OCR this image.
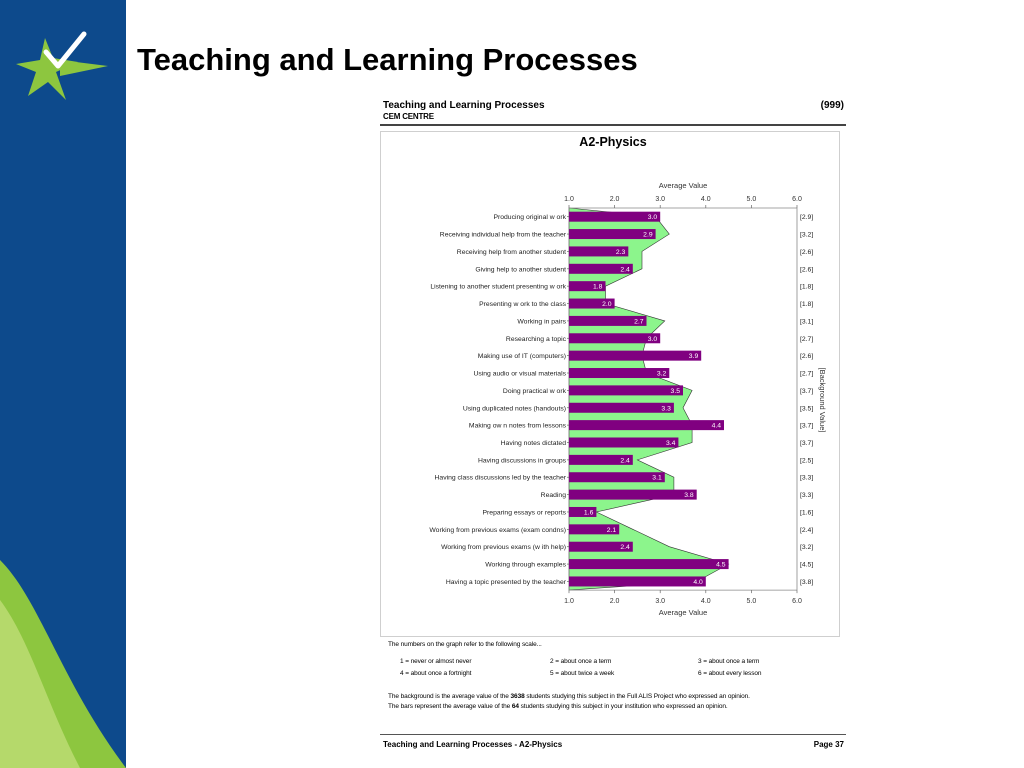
Teaching and Learning Processes
Teaching and Learning Processes
CEM CENTRE
(999)
A2-Physics
Average Value
Average Value
[Background Value]
1.0
1.0
2.0
2.0
3.0
3.0
4.0
4.0
5.0
5.0
6.0
6.0
Producing original w ork	3.0	[2.9]
Receiving individual help from the teacher	2.9	[3.2]
Receiving help from another student	2.3	[2.6]
Giving help to another student	2.4	[2.6]
Listening to another student presenting w ork	1.8	[1.8]
Presenting w ork to the class	2.0	[1.8]
Working in pairs	2.7	[3.1]
Researching a topic	3.0	[2.7]
Making use of IT (computers)	3.9	[2.6]
Using audio or visual materials	3.2	[2.7]
Doing practical w ork	3.5	[3.7]
Using duplicated notes (handouts)	3.3	[3.5]
Making ow n notes from lessons	4.4	[3.7]
Having notes dictated	3.4	[3.7]
Having discussions in groups	2.4	[2.5]
Having class discussions led by the teacher	3.1	[3.3]
Reading	3.8	[3.3]
Preparing essays or reports	1.6	[1.6]
Working from previous exams (exam condns)	2.1	[2.4]
Working from previous exams (w ith help)	2.4	[3.2]
Working through examples	4.5	[4.5]
Having a topic presented by the teacher	4.0	[3.8]
The numbers on the graph refer to the following scale...
1 = never or almost never	2 = about once a term	3 = about once a term
4 = about once a fortnight	5 = about twice a week	6 = about every lesson
The background is the average value of the 3638 students studying this subject in the Full ALIS Project who expressed an opinion.
The bars represent the average value of the 64 students studying this subject in your institution who expressed an opinion.
Teaching and Learning Processes - A2-Physics	Page 37
